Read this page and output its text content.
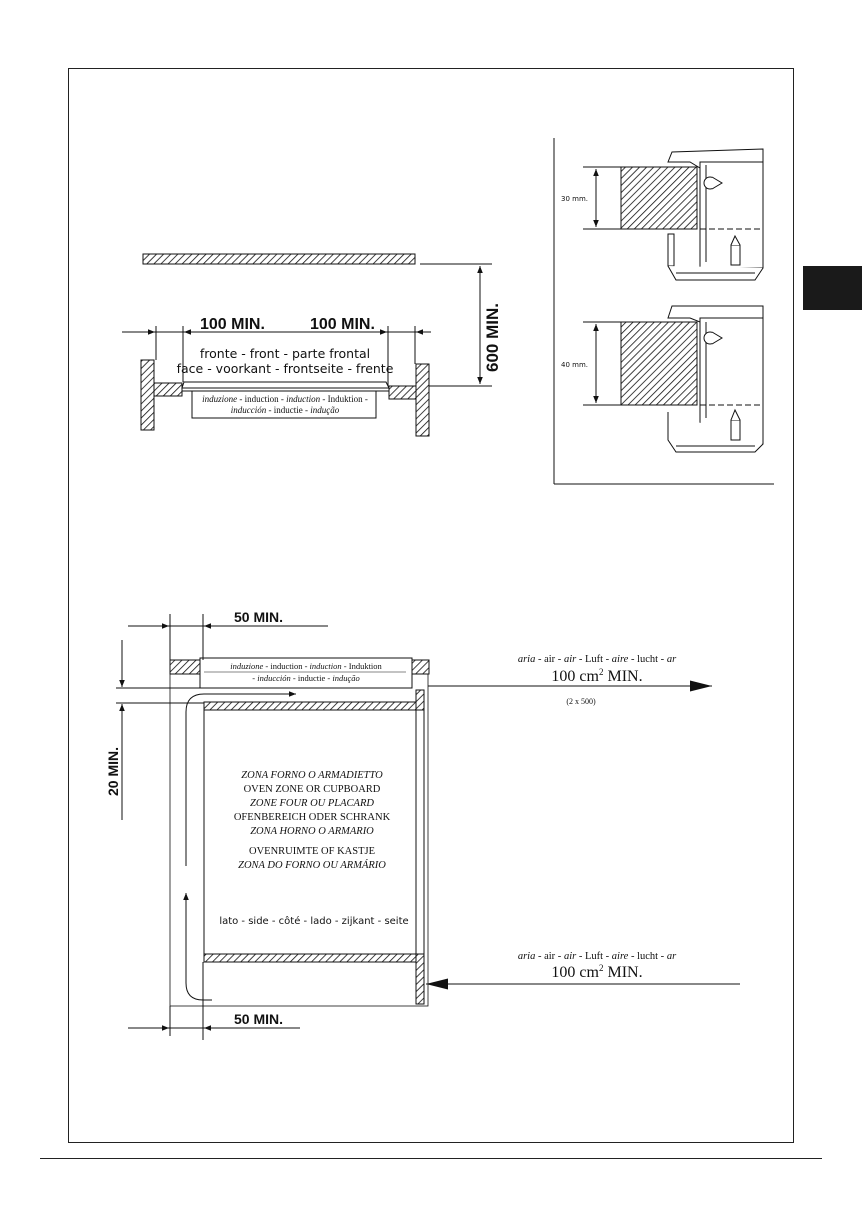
100 MIN.	100 MIN.	600 MIN.
fronte - front - parte frontal
face - voorkant - frontseite - frente
induzione - induction - induction - Induktion -
inducción - inductie - indução
30 mm.
40 mm.
50 MIN.
50 MIN.
20 MIN.
induzione - induction - induction - Induktion
- inducción - inductie - indução
ZONA FORNO O ARMADIETTO
OVEN ZONE OR CUPBOARD
ZONE FOUR OU PLACARD
OFENBEREICH ODER SCHRANK
ZONA HORNO O ARMARIO
OVENRUIMTE OF KASTJE
ZONA DO FORNO OU ARMÁRIO
lato - side - côté - lado - zijkant - seite
aria - air - air - Luft - aire - lucht - ar
100 $cm^2$ MIN.
(2 x 500)
aria - air - air - Luft - aire - lucht - ar
100 $cm^2$ MIN.
